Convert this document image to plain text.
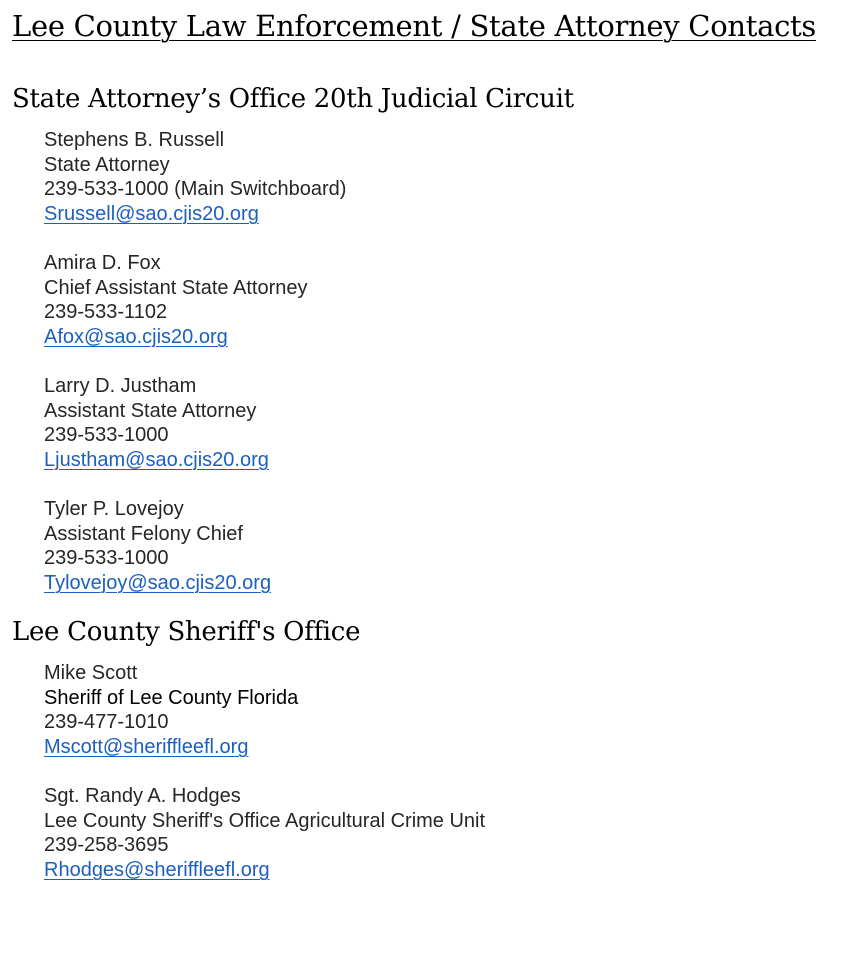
Lee County Law Enforcement / State Attorney Contacts
State Attorney’s Office 20th Judicial Circuit
Stephens B. Russell
State Attorney
239-533-1000 (Main Switchboard)
Srussell@sao.cjis20.org
Amira D. Fox
Chief Assistant State Attorney
239-533-1102
Afox@sao.cjis20.org
Larry D. Justham
Assistant State Attorney
239-533-1000
Ljustham@sao.cjis20.org
Tyler P. Lovejoy
Assistant Felony Chief
239-533-1000
Tylovejoy@sao.cjis20.org
Lee County Sheriff's Office
Mike Scott
Sheriff of Lee County Florida
239-477-1010
Mscott@sheriffleefl.org
Sgt. Randy A. Hodges
Lee County Sheriff's Office Agricultural Crime Unit
239-258-3695
Rhodges@sheriffleefl.org
